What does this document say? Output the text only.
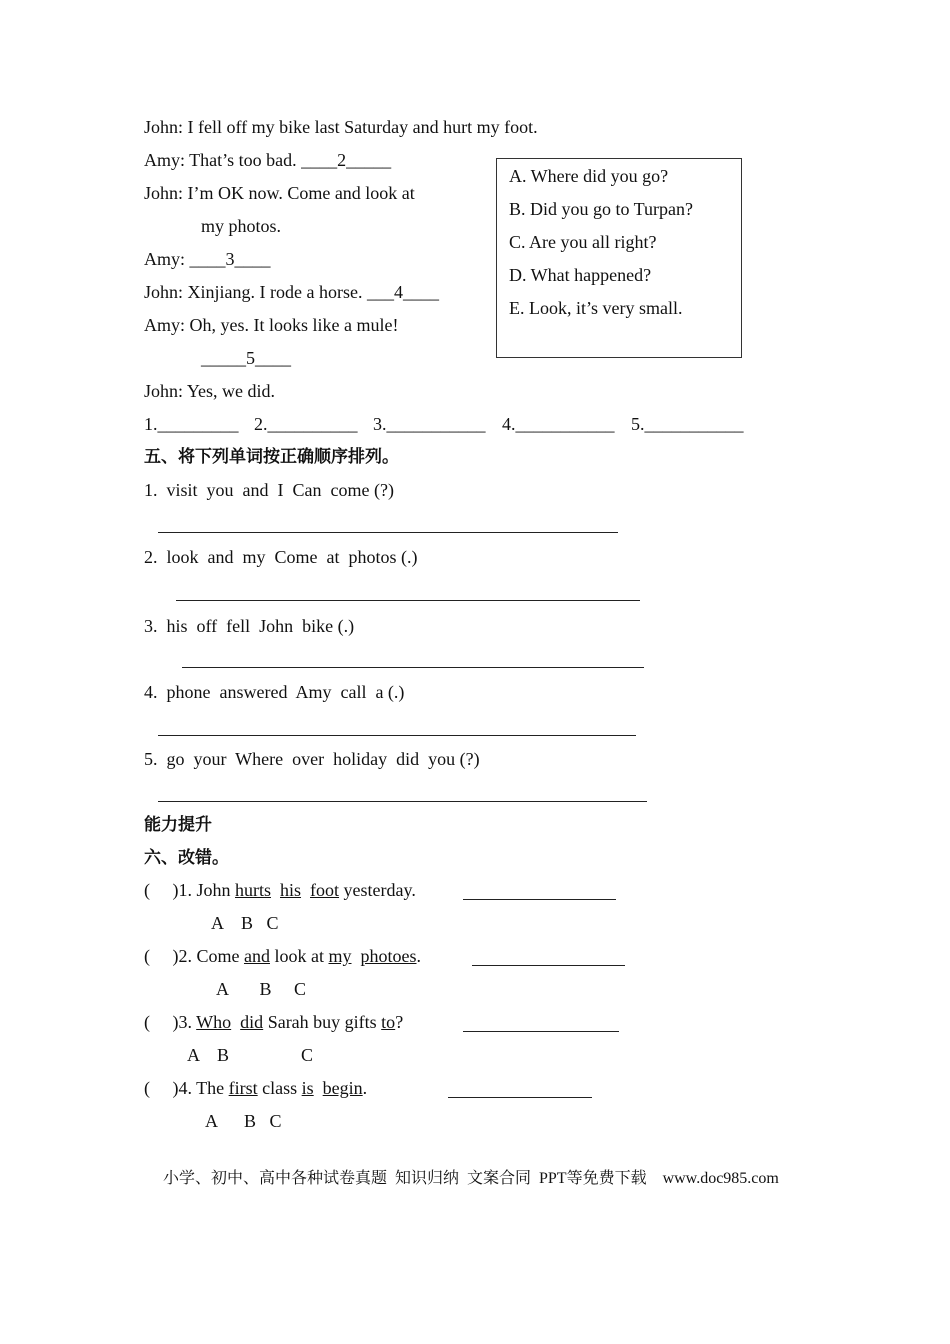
John: I fell off my bike last Saturday and hurt my foot.
Amy: That’s too bad. ____2_____
John: I’m OK now. Come and look at
my photos.
Amy: ____3____
John: Xinjiang. I rode a horse. ___4____
Amy: Oh, yes. It looks like a mule!
_____5____
John: Yes, we did.
A. Where did you go?
B. Did you go to Turpan?
C. Are you all right?
D. What happened?
E. Look, it’s very small.
1._________ 2.__________ 3.___________ 4.___________ 5.___________
五、将下列单词按正确顺序排列。
1.  visit  you  and  I  Can  come (?)
2.  look  and  my  Come  at  photos (.)
3.  his  off  fell  John  bike (.)
4.  phone  answered  Amy  call  a (.)
5.  go  your  Where  over  holiday  did  you (?)
能力提升
六、改错。
(     )1. John hurts his foot yesterday.
A    B   C
(     )2. Come and look at my photoes.
A       B     C
(     )3. Who did Sarah buy gifts to?
A    B                C
(     )4. The first class is begin.
A      B   C
小学、初中、高中各种试卷真题  知识归纳  文案合同  PPT等免费下载    www.doc985.com
